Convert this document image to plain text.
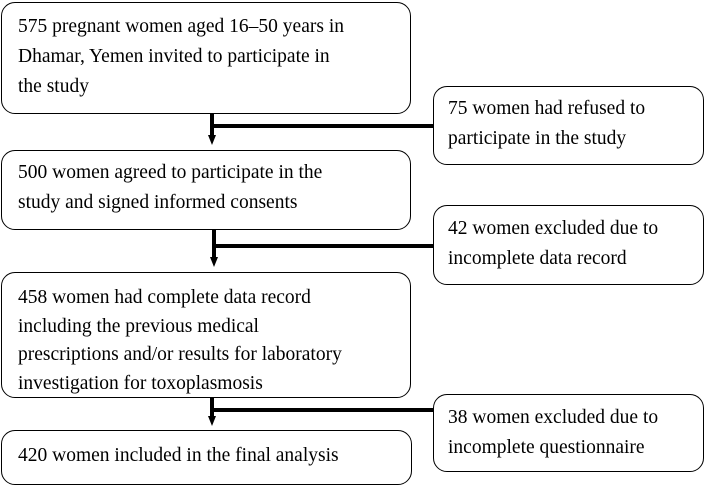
575 pregnant women aged 16–50 years in
Dhamar, Yemen invited to participate in
the study
500 women agreed to participate in the
study and signed informed consents
458 women had complete data record
including the previous medical
prescriptions and/or results for laboratory
investigation for toxoplasmosis
420 women included in the final analysis
75 women had refused to
participate in the study
42 women excluded due to
incomplete data record
38 women excluded due to
incomplete questionnaire
